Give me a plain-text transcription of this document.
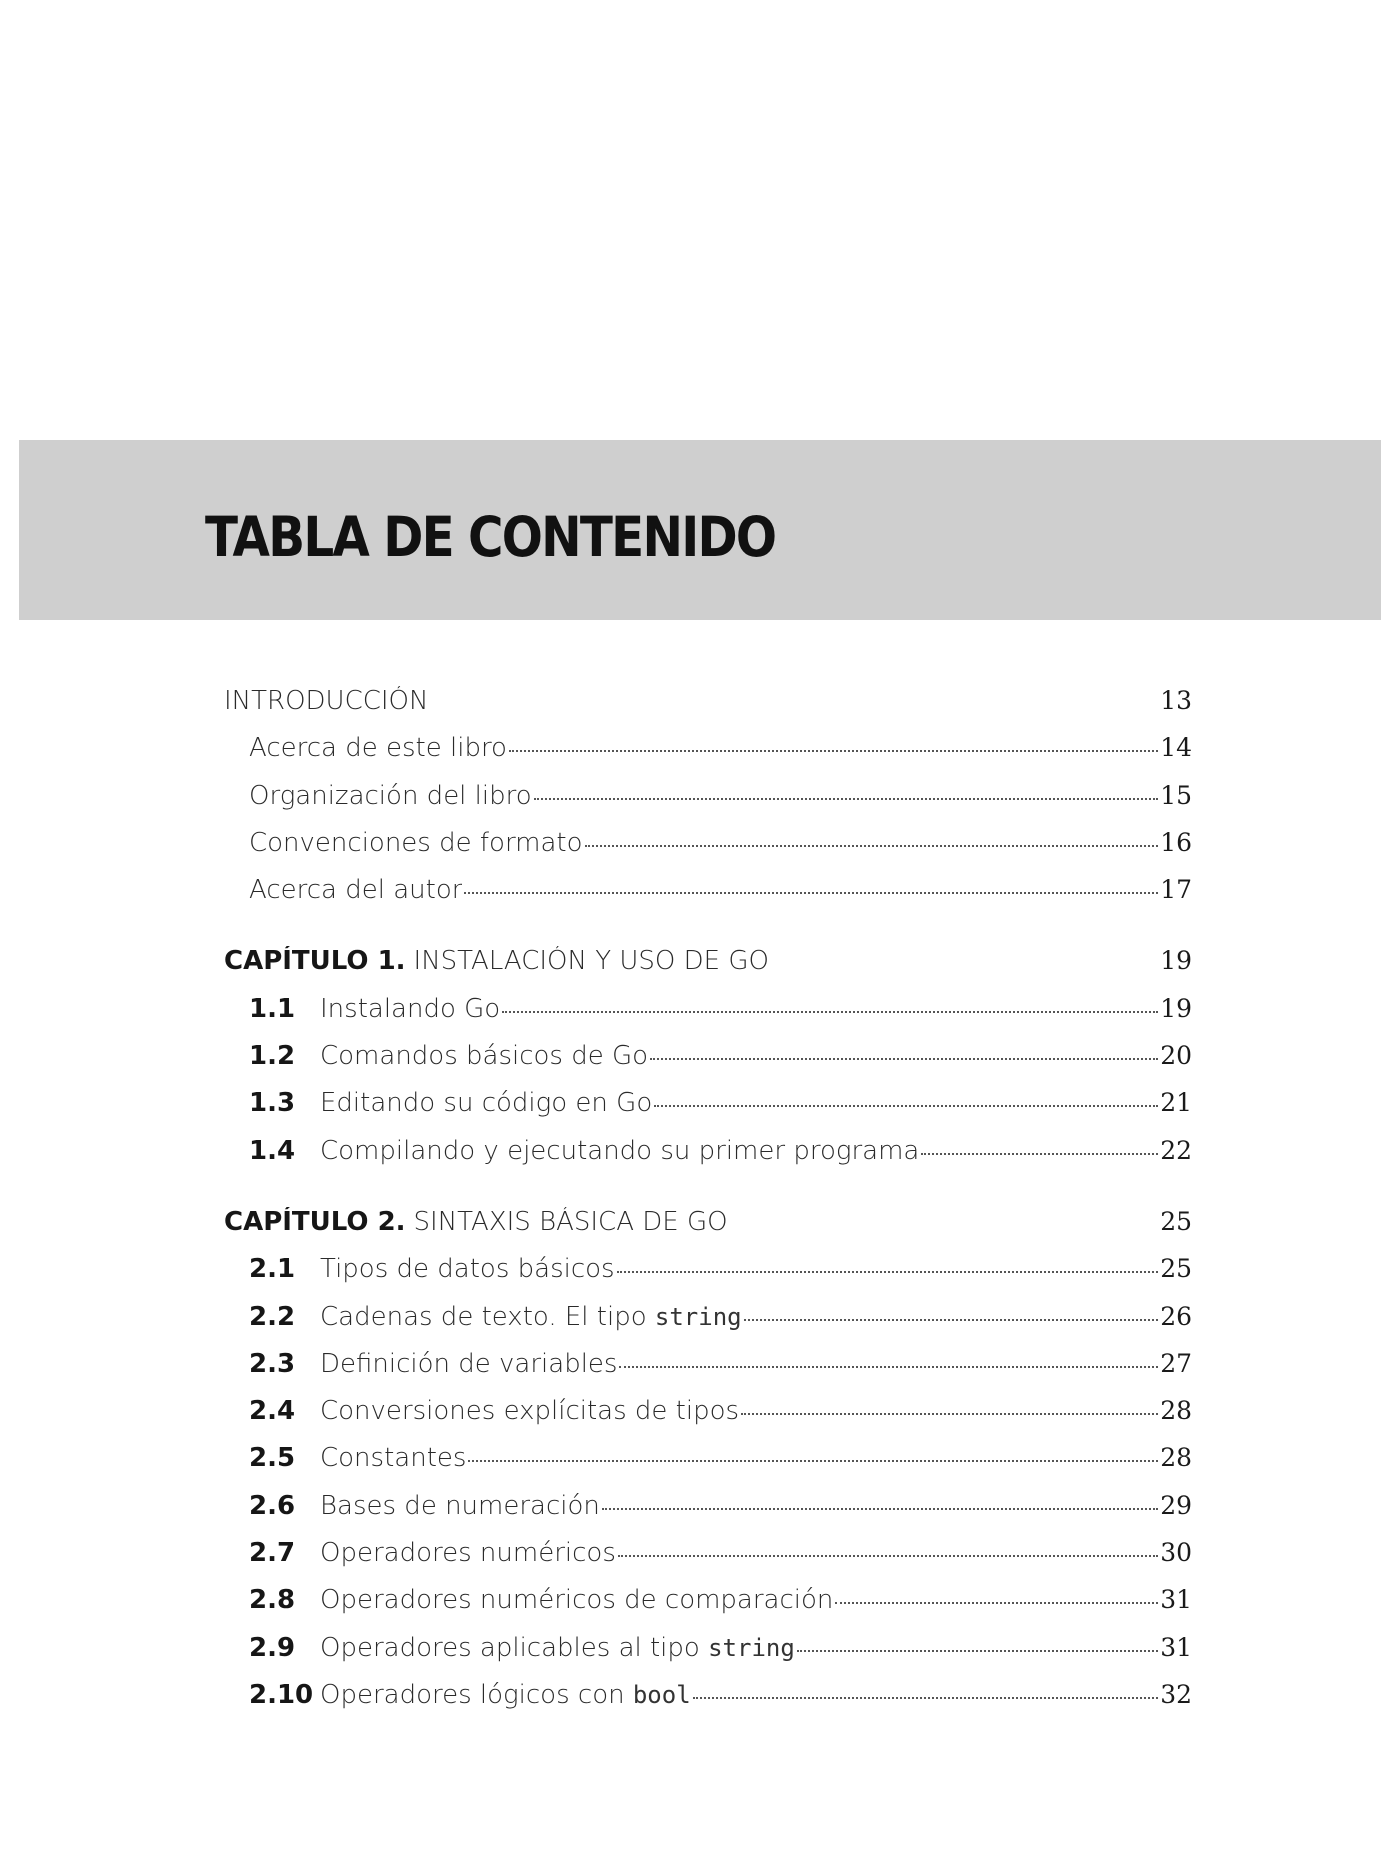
TABLA DE CONTENIDO
INTRODUCCIÓN	13
Acerca de este libro	14
Organización del libro	15
Convenciones de formato	16
Acerca del autor	17
CAPÍTULO 1. INSTALACIÓN Y USO DE GO	19
1.1 Instalando Go	19
1.2 Comandos básicos de Go	20
1.3 Editando su código en Go	21
1.4 Compilando y ejecutando su primer programa	22
CAPÍTULO 2. SINTAXIS BÁSICA DE GO	25
2.1 Tipos de datos básicos	25
2.2 Cadenas de texto. El tipo string	26
2.3 Definición de variables	27
2.4 Conversiones explícitas de tipos	28
2.5 Constantes	28
2.6 Bases de numeración	29
2.7 Operadores numéricos	30
2.8 Operadores numéricos de comparación	31
2.9 Operadores aplicables al tipo string	31
2.10 Operadores lógicos con bool	32
